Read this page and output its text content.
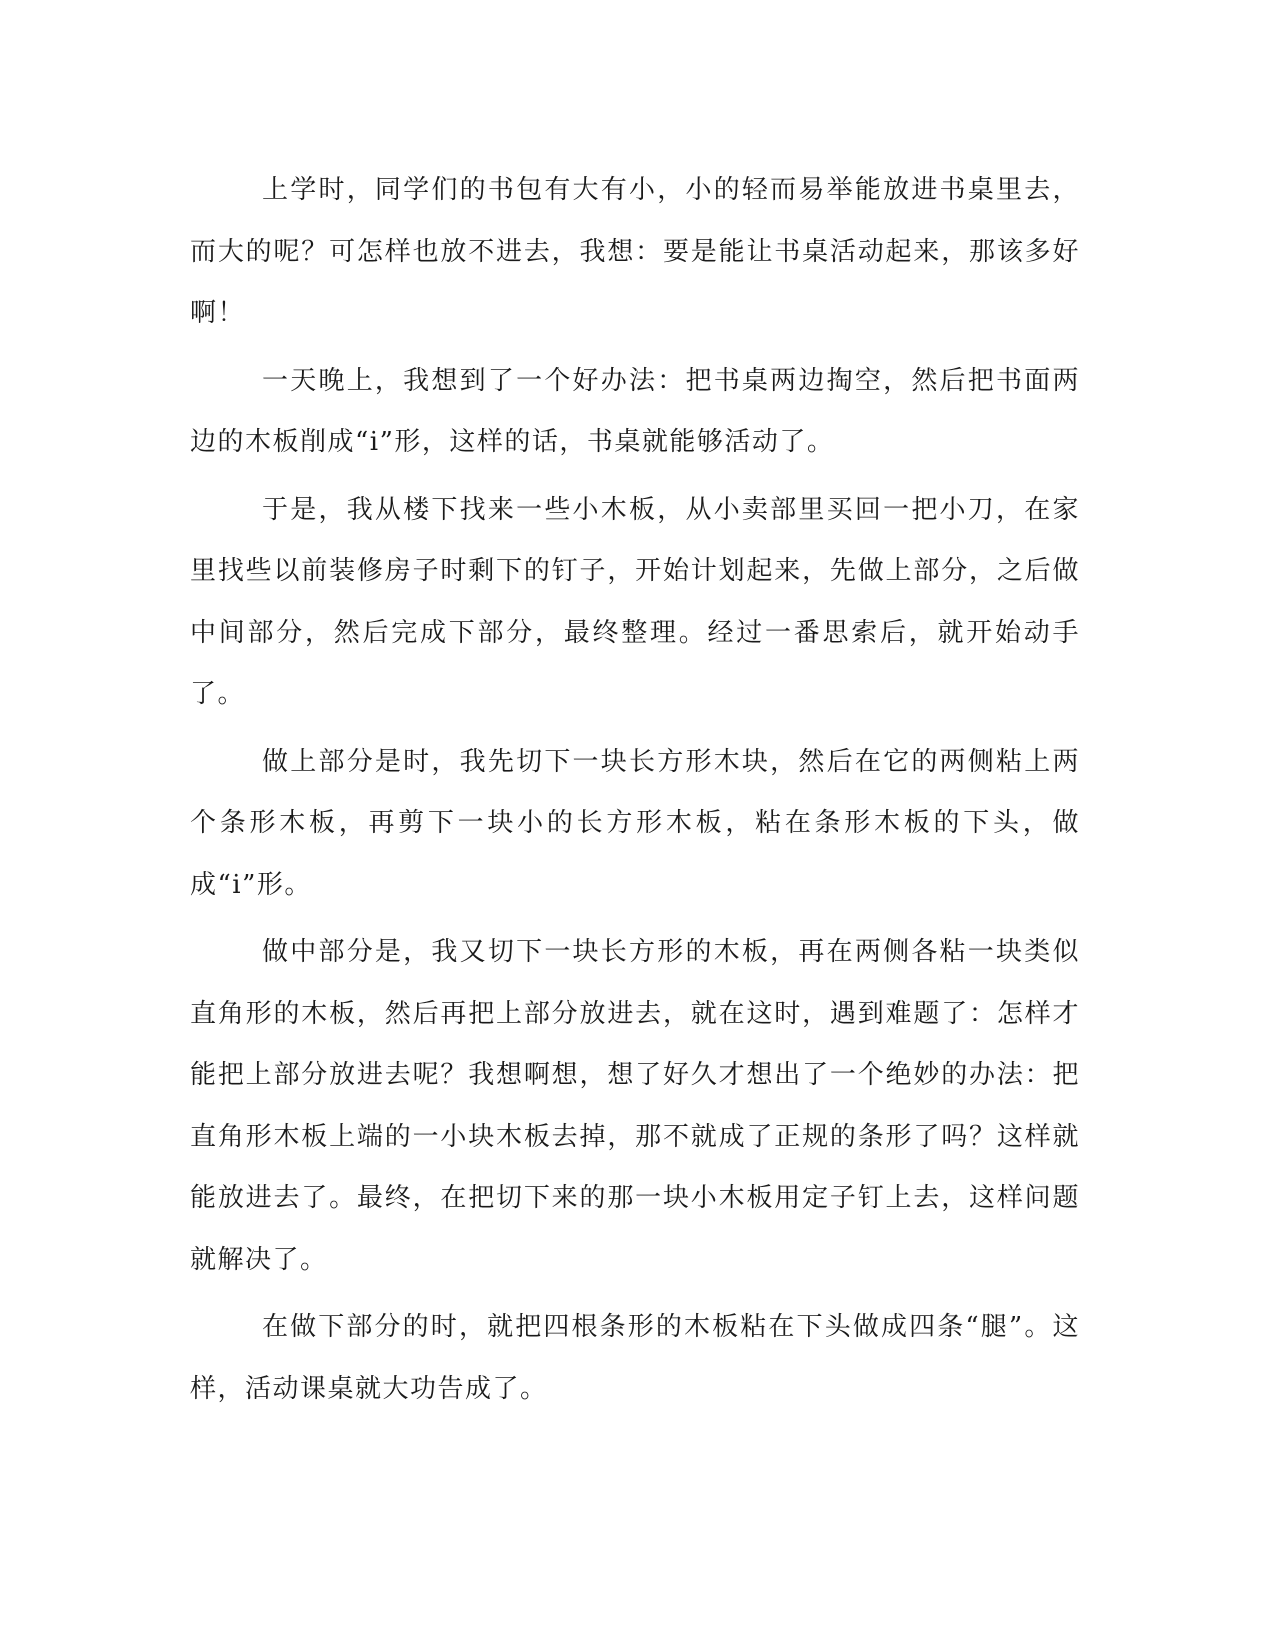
上学时，同学们的书包有大有小，小的轻而易举能放进书桌里去，而大的呢？可怎样也放不进去，我想：要是能让书桌活动起来，那该多好啊！

一天晚上，我想到了一个好办法：把书桌两边掏空，然后把书面两边的木板削成“i”形，这样的话，书桌就能够活动了。

于是，我从楼下找来一些小木板，从小卖部里买回一把小刀，在家里找些以前装修房子时剩下的钉子，开始计划起来，先做上部分，之后做中间部分，然后完成下部分，最终整理。经过一番思索后，就开始动手了。

做上部分是时，我先切下一块长方形木块，然后在它的两侧粘上两个条形木板，再剪下一块小的长方形木板，粘在条形木板的下头，做成“i”形。

做中部分是，我又切下一块长方形的木板，再在两侧各粘一块类似直角形的木板，然后再把上部分放进去，就在这时，遇到难题了：怎样才能把上部分放进去呢？我想啊想，想了好久才想出了一个绝妙的办法：把直角形木板上端的一小块木板去掉，那不就成了正规的条形了吗？这样就能放进去了。最终，在把切下来的那一块小木板用定子钉上去，这样问题就解决了。

在做下部分的时，就把四根条形的木板粘在下头做成四条“腿”。这样，活动课桌就大功告成了。
